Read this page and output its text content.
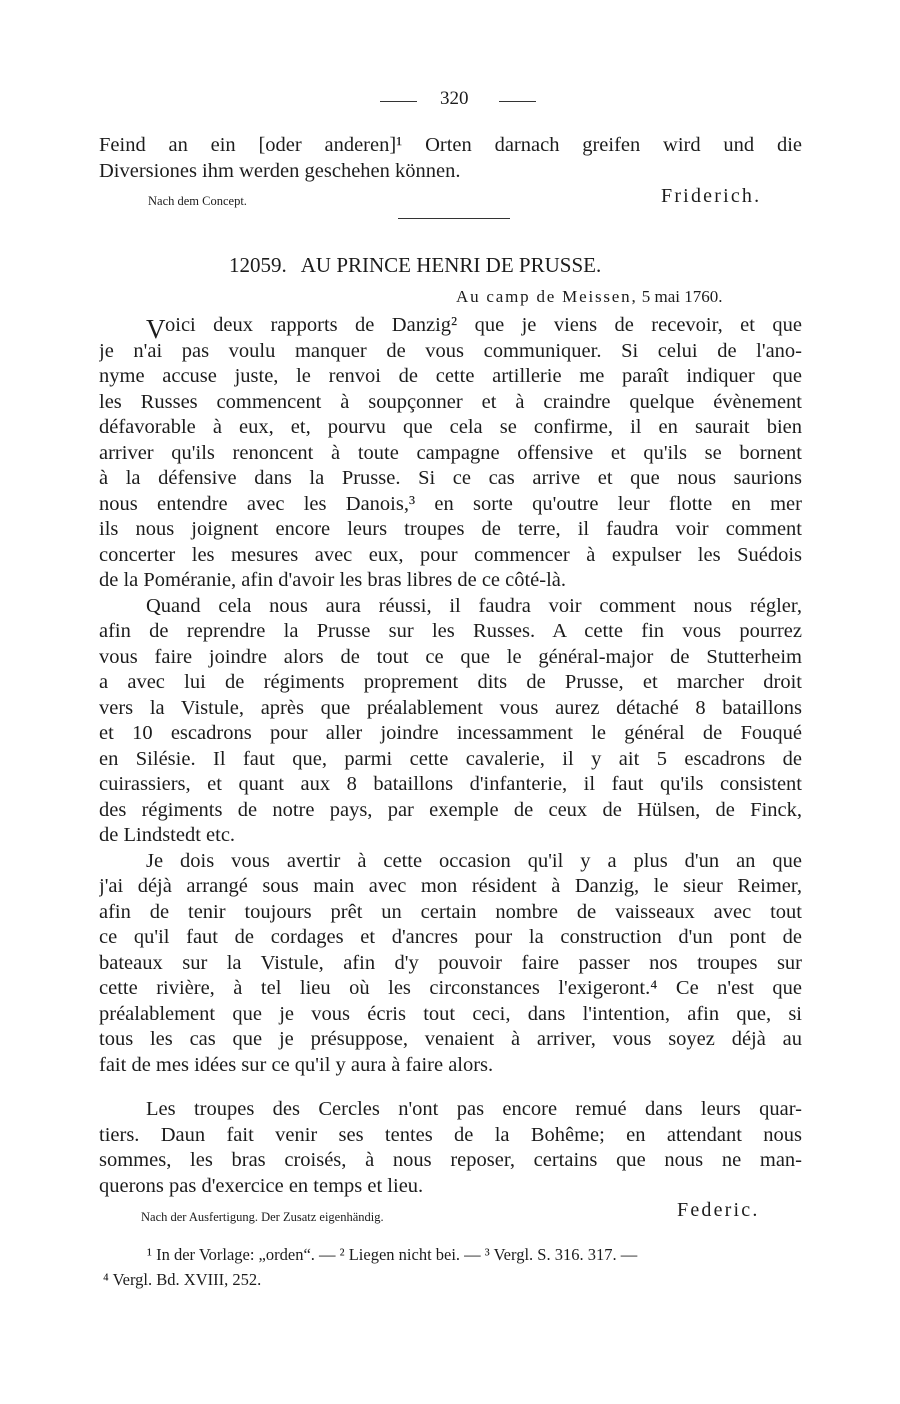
320
Feind an ein [oder anderen]¹ Orten darnach greifen wird und die
Diversiones ihm werden geschehen können.
Nach dem Concept.	Friderich.
12059. AU PRINCE HENRI DE PRUSSE.
Au camp de Meissen, 5 mai 1760.
V oici deux rapports de Danzig² que je viens de recevoir, et que
je n'ai pas voulu manquer de vous communiquer. Si celui de l'ano-
nyme accuse juste, le renvoi de cette artillerie me paraît indiquer que
les Russes commencent à soupçonner et à craindre quelque évènement
défavorable à eux, et, pourvu que cela se confirme, il en saurait bien
arriver qu'ils renoncent à toute campagne offensive et qu'ils se bornent
à la défensive dans la Prusse. Si ce cas arrive et que nous saurions
nous entendre avec les Danois,³ en sorte qu'outre leur flotte en mer
ils nous joignent encore leurs troupes de terre, il faudra voir comment
concerter les mesures avec eux, pour commencer à expulser les Suédois
de la Poméranie, afin d'avoir les bras libres de ce côté-là.
Quand cela nous aura réussi, il faudra voir comment nous régler,
afin de reprendre la Prusse sur les Russes. A cette fin vous pourrez
vous faire joindre alors de tout ce que le général-major de Stutterheim
a avec lui de régiments proprement dits de Prusse, et marcher droit
vers la Vistule, après que préalablement vous aurez détaché 8 bataillons
et 10 escadrons pour aller joindre incessamment le général de Fouqué
en Silésie. Il faut que, parmi cette cavalerie, il y ait 5 escadrons de
cuirassiers, et quant aux 8 bataillons d'infanterie, il faut qu'ils consistent
des régiments de notre pays, par exemple de ceux de Hülsen, de Finck,
de Lindstedt etc.
Je dois vous avertir à cette occasion qu'il y a plus d'un an que
j'ai déjà arrangé sous main avec mon résident à Danzig, le sieur Reimer,
afin de tenir toujours prêt un certain nombre de vaisseaux avec tout
ce qu'il faut de cordages et d'ancres pour la construction d'un pont de
bateaux sur la Vistule, afin d'y pouvoir faire passer nos troupes sur
cette rivière, à tel lieu où les circonstances l'exigeront.⁴ Ce n'est que
préalablement que je vous écris tout ceci, dans l'intention, afin que, si
tous les cas que je présuppose, venaient à arriver, vous soyez déjà au
fait de mes idées sur ce qu'il y aura à faire alors.
Les troupes des Cercles n'ont pas encore remué dans leurs quar-
tiers. Daun fait venir ses tentes de la Bohême; en attendant nous
sommes, les bras croisés, à nous reposer, certains que nous ne man-
querons pas d'exercice en temps et lieu.
Nach der Ausfertigung. Der Zusatz eigenhändig.	Federic.
¹ In der Vorlage: „orden“. — ² Liegen nicht bei. — ³ Vergl. S. 316. 317. —
⁴ Vergl. Bd. XVIII, 252.
